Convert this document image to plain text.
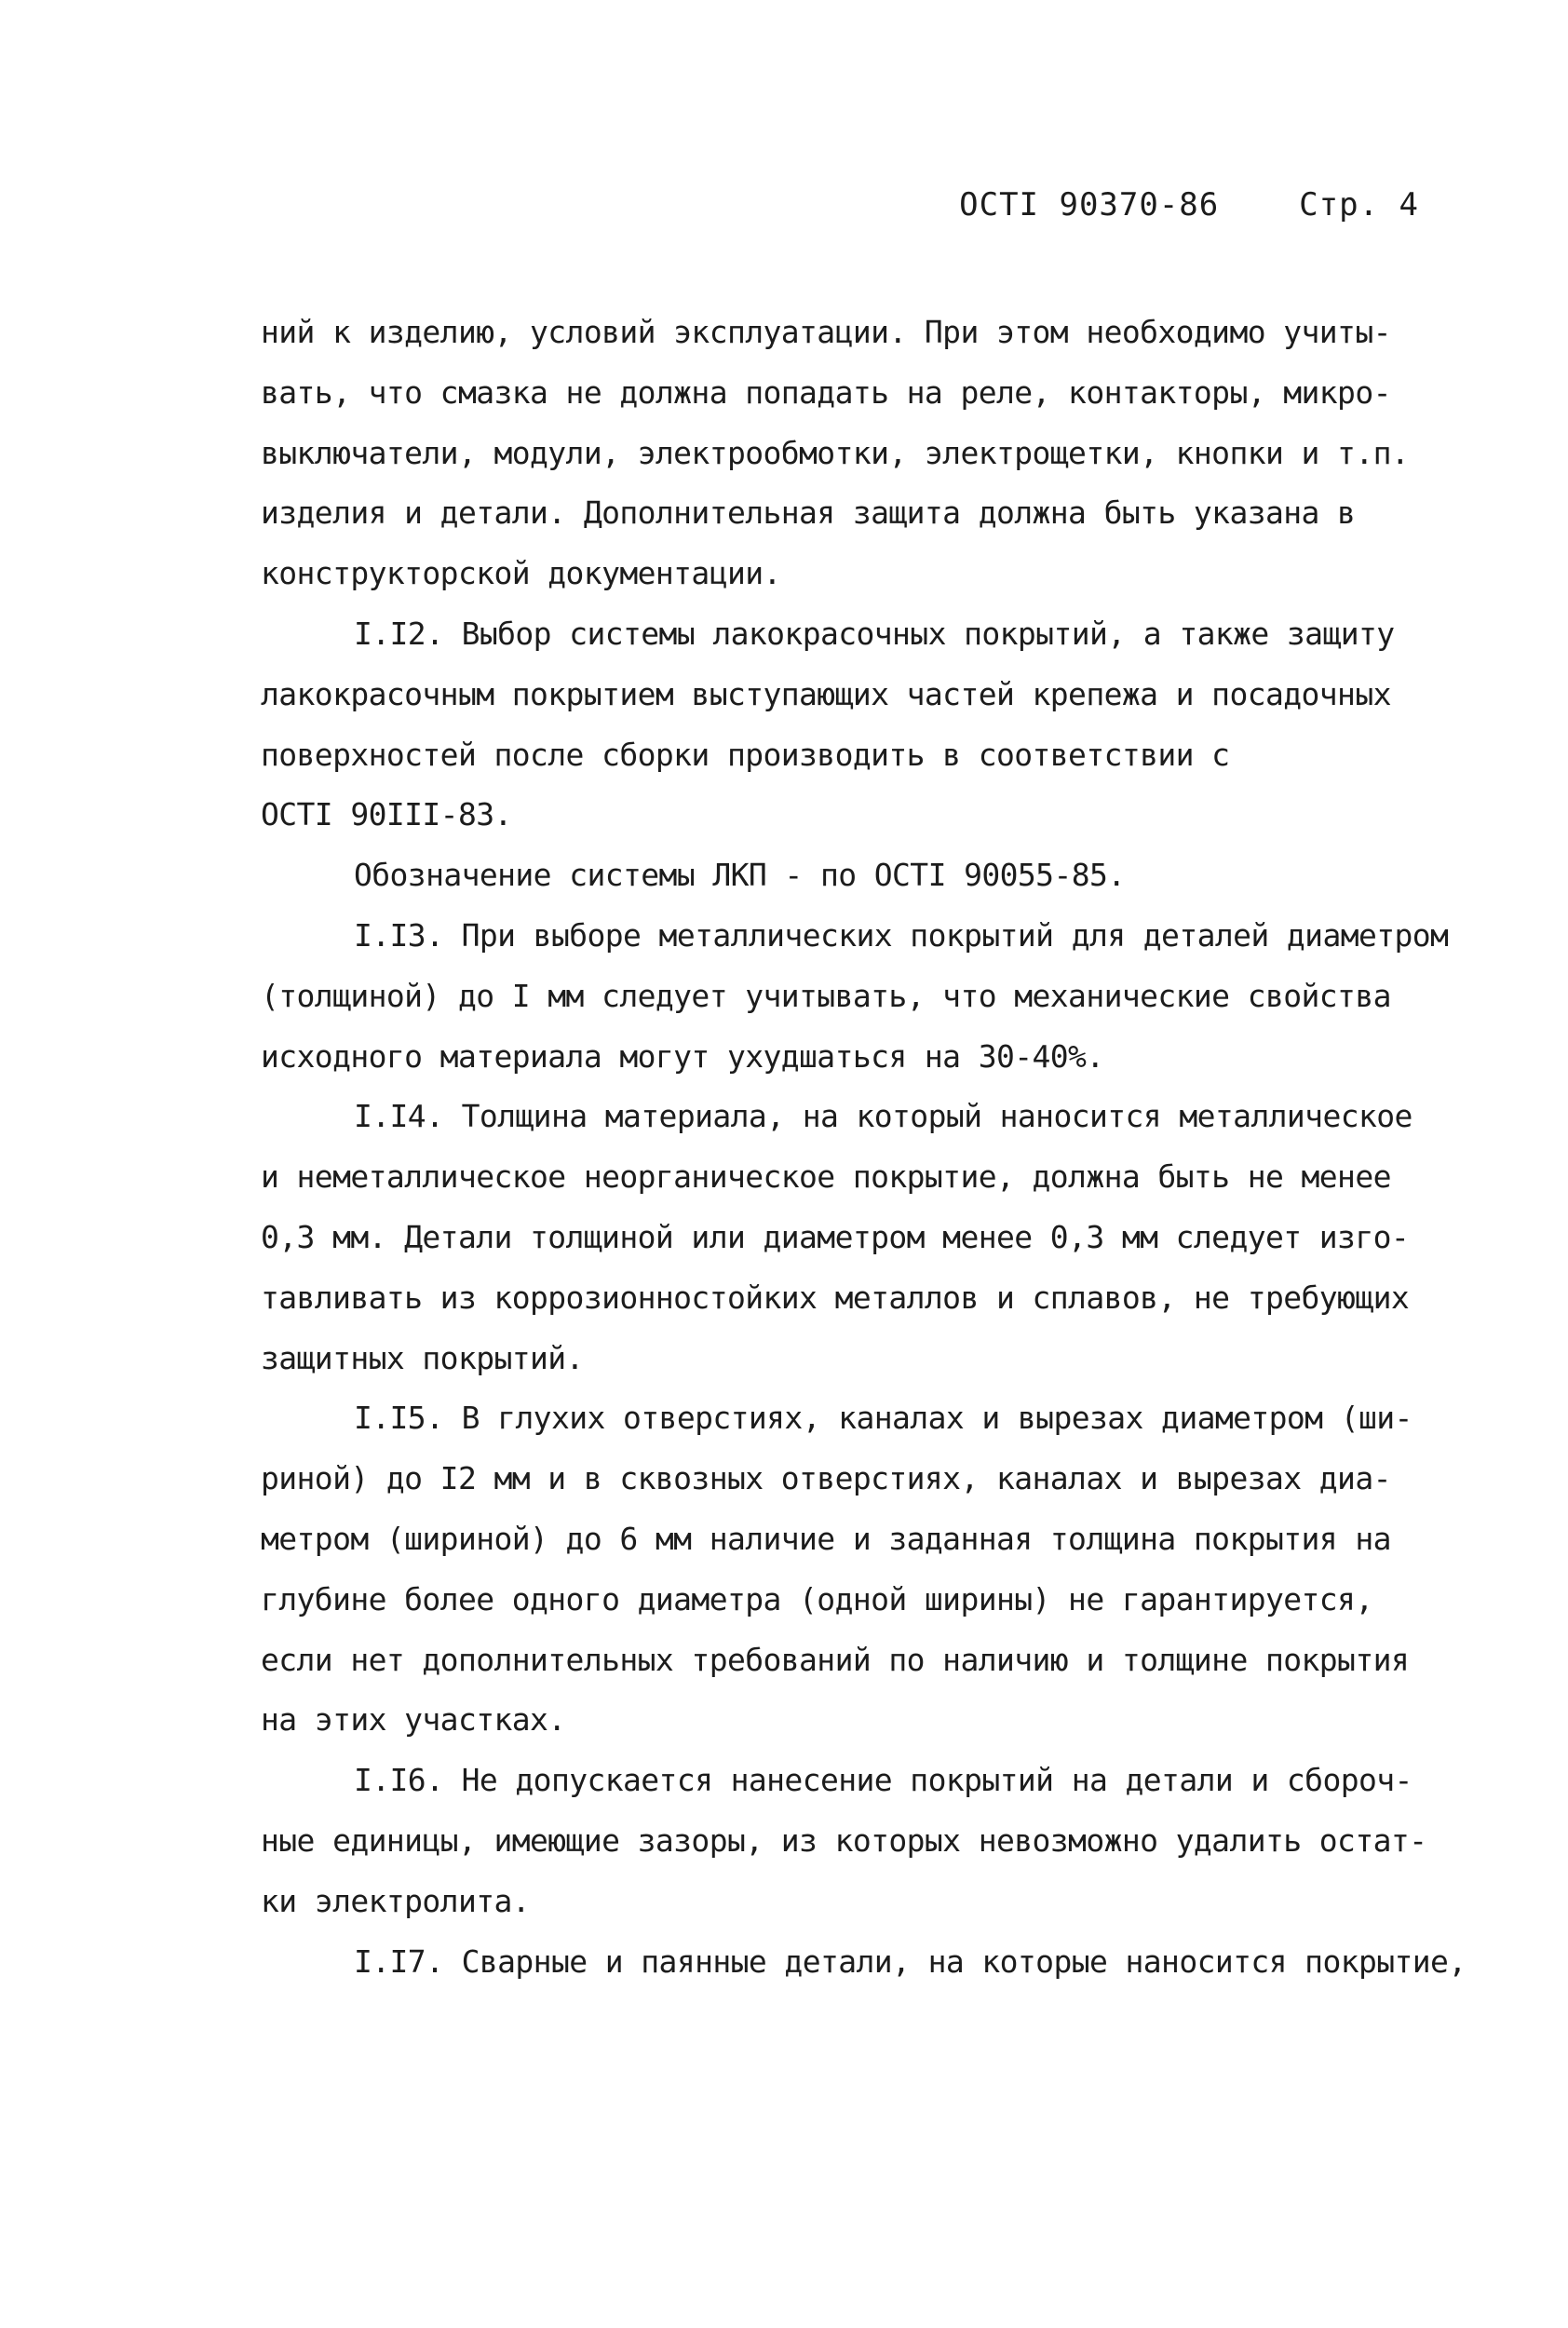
ОСТI 90370-86	Стр. 4
ний к изделию, условий эксплуатации. При этом необходимо учиты-
вать, что смазка не должна попадать на реле, контакторы, микро-
выключатели, модули, электрообмотки, электрощетки, кнопки и т.п.
изделия и детали. Дополнительная защита должна быть указана в
конструкторской документации.
I.I2. Выбор системы лакокрасочных покрытий, а также защиту
лакокрасочным покрытием выступающих частей крепежа и посадочных
поверхностей после сборки производить в соответствии с
ОСТI 90III-83.
Обозначение системы ЛКП - по ОСТI 90055-85.
I.I3. При выборе металлических покрытий для деталей диаметром
(толщиной) до I мм следует учитывать, что механические свойства
исходного материала могут ухудшаться на 30-40%.
I.I4. Толщина материала, на который наносится металлическое
и неметаллическое неорганическое покрытие, должна быть не менее
0,3 мм. Детали толщиной или диаметром менее 0,3 мм следует изго-
тавливать из коррозионностойких металлов и сплавов, не требующих
защитных покрытий.
I.I5. В глухих отверстиях, каналах и вырезах диаметром (ши-
риной) до I2 мм и в сквозных отверстиях, каналах и вырезах диа-
метром (шириной) до 6 мм наличие и заданная толщина покрытия на
глубине более одного диаметра (одной ширины) не гарантируется,
если нет дополнительных требований по наличию и толщине покрытия
на этих участках.
I.I6. Не допускается нанесение покрытий на детали и сбороч-
ные единицы, имеющие зазоры, из которых невозможно удалить остат-
ки электролита.
I.I7. Сварные и паянные детали, на которые наносится покрытие,
